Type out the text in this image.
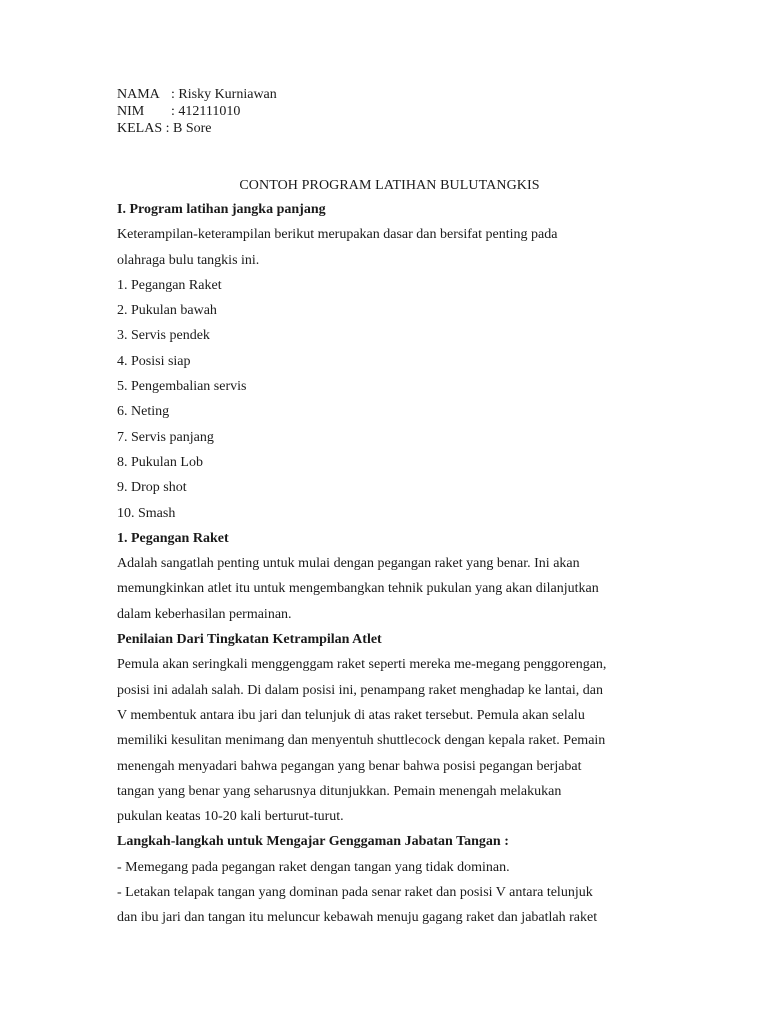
NAMA : Risky Kurniawan
NIM : 412111010
KELAS : B Sore
CONTOH PROGRAM LATIHAN BULUTANGKIS
I. Program latihan jangka panjang
Keterampilan-keterampilan berikut merupakan dasar dan bersifat penting pada
olahraga bulu tangkis ini.
1. Pegangan Raket
2. Pukulan bawah
3. Servis pendek
4. Posisi siap
5. Pengembalian servis
6. Neting
7. Servis panjang
8. Pukulan Lob
9. Drop shot
10. Smash
1. Pegangan Raket
Adalah sangatlah penting untuk mulai dengan pegangan raket yang benar. Ini akan
memungkinkan atlet itu untuk mengembangkan tehnik pukulan yang akan dilanjutkan
dalam keberhasilan permainan.
Penilaian Dari Tingkatan Ketrampilan Atlet
Pemula akan seringkali menggenggam raket seperti mereka me-megang penggorengan,
posisi ini adalah salah. Di dalam posisi ini, penampang raket menghadap ke lantai, dan
V membentuk antara ibu jari dan telunjuk di atas raket tersebut. Pemula akan selalu
memiliki kesulitan menimang dan menyentuh shuttlecock dengan kepala raket. Pemain
menengah menyadari bahwa pegangan yang benar bahwa posisi pegangan berjabat
tangan yang benar yang seharusnya ditunjukkan. Pemain menengah melakukan
pukulan keatas 10-20 kali berturut-turut.
Langkah-langkah untuk Mengajar Genggaman Jabatan Tangan :
- Memegang pada pegangan raket dengan tangan yang tidak dominan.
- Letakan telapak tangan yang dominan pada senar raket dan posisi V antara telunjuk
dan ibu jari dan tangan itu meluncur kebawah menuju gagang raket dan jabatlah raket
